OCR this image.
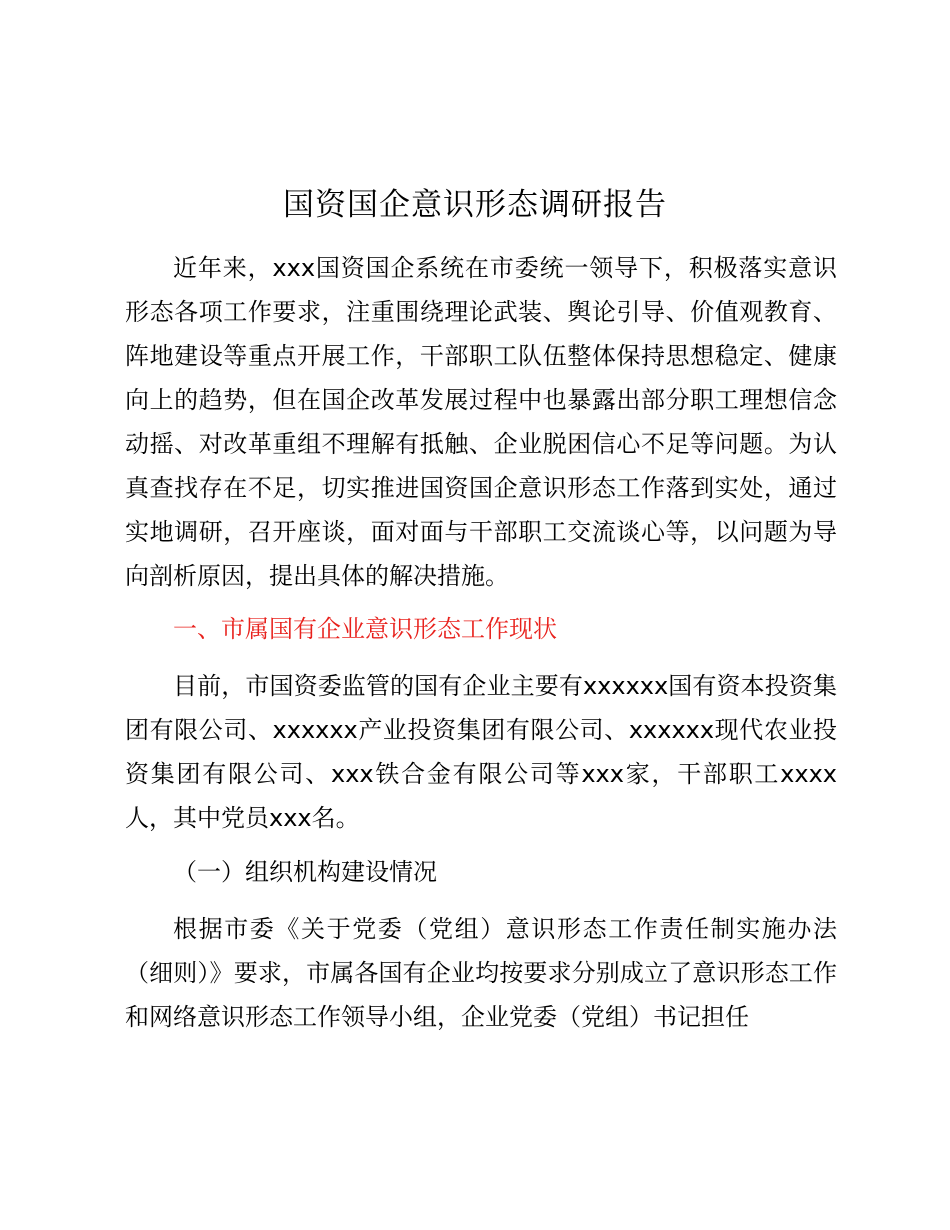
国资国企意识形态调研报告

近年来，xxx国资国企系统在市委统一领导下，积极落实意识形态各项工作要求，注重围绕理论武装、舆论引导、价值观教育、阵地建设等重点开展工作，干部职工队伍整体保持思想稳定、健康向上的趋势，但在国企改革发展过程中也暴露出部分职工理想信念动摇、对改革重组不理解有抵触、企业脱困信心不足等问题。为认真查找存在不足，切实推进国资国企意识形态工作落到实处，通过实地调研，召开座谈，面对面与干部职工交流谈心等，以问题为导向剖析原因，提出具体的解决措施。

一、市属国有企业意识形态工作现状

目前，市国资委监管的国有企业主要有xxxxxx国有资本投资集团有限公司、xxxxxx产业投资集团有限公司、xxxxxx现代农业投资集团有限公司、xxx铁合金有限公司等xxx家，干部职工xxxx人，其中党员xxx名。

（一）组织机构建设情况

根据市委《关于党委（党组）意识形态工作责任制实施办法（细则）》要求，市属各国有企业均按要求分别成立了意识形态工作和网络意识形态工作领导小组，企业党委（党组）书记担任
